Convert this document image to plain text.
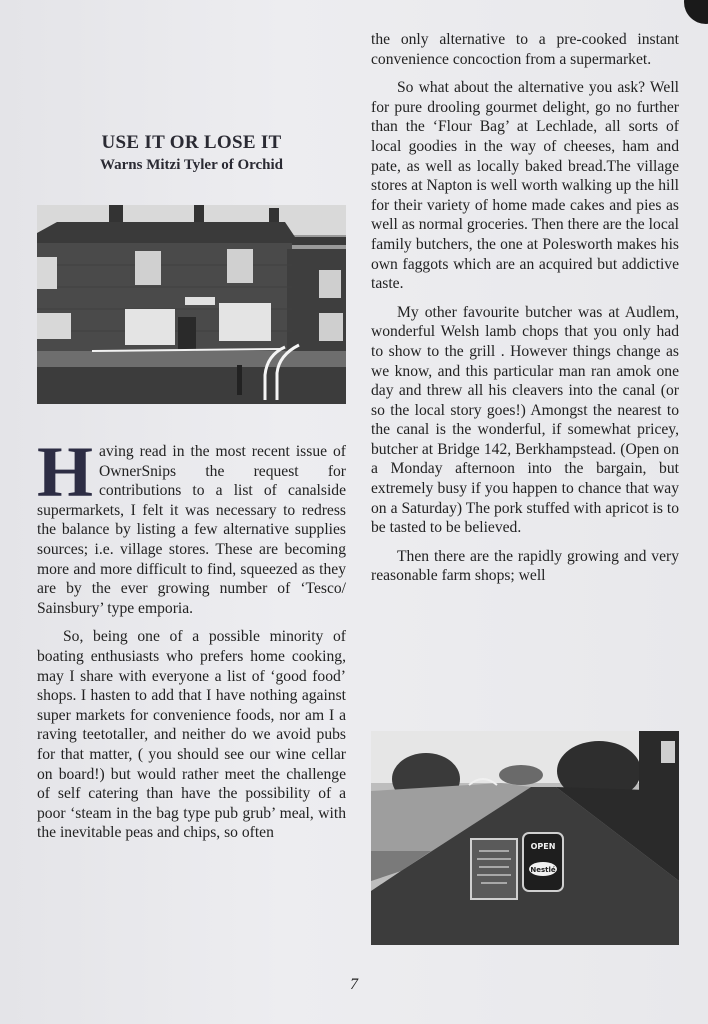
USE IT OR LOSE IT
Warns Mitzi Tyler of Orchid

Having read in the most recent issue of OwnerSnips the request for contributions to a list of canalside supermarkets, I felt it was necessary to redress the balance by listing a few alternative supplies sources; i.e. village stores. These are becoming more and more difficult to find, squeezed as they are by the ever growing number of ‘Tesco/ Sainsbury’ type emporia.

So, being one of a possible minority of boating enthusiasts who prefers home cooking, may I share with everyone a list of ‘good food’ shops. I hasten to add that I have nothing against super markets for convenience foods, nor am I a raving teetotaller, and neither do we avoid pubs for that matter, ( you should see our wine cellar on board!) but would rather meet the challenge of self catering than have the possibility of a poor ‘steam in the bag type pub grub’ meal, with the inevitable peas and chips, so often

the only alternative to a pre-cooked instant convenience concoction from a supermarket.

So what about the alternative you ask? Well for pure drooling gourmet delight, go no further than the ‘Flour Bag’ at Lechlade, all sorts of local goodies in the way of cheeses, ham and pate, as well as locally baked bread.The village stores at Napton is well worth walking up the hill for their variety of home made cakes and pies as well as normal groceries. Then there are the local family butchers, the one at Polesworth makes his own faggots which are an acquired but addictive taste.

My other favourite butcher was at Audlem, wonderful Welsh lamb chops that you only had to show to the grill . However things change as we know, and this particular man ran amok one day and threw all his cleavers into the canal (or so the local story goes!) Amongst the nearest to the canal is the wonderful, if somewhat pricey, butcher at Bridge 142, Berkhampstead. (Open on a Monday afternoon into the bargain, but extremely busy if you happen to chance that way on a Saturday) The pork stuffed with apricot is to be tasted to be believed.

Then there are the rapidly growing and very reasonable farm shops; well

OPEN
Nestlé
7
